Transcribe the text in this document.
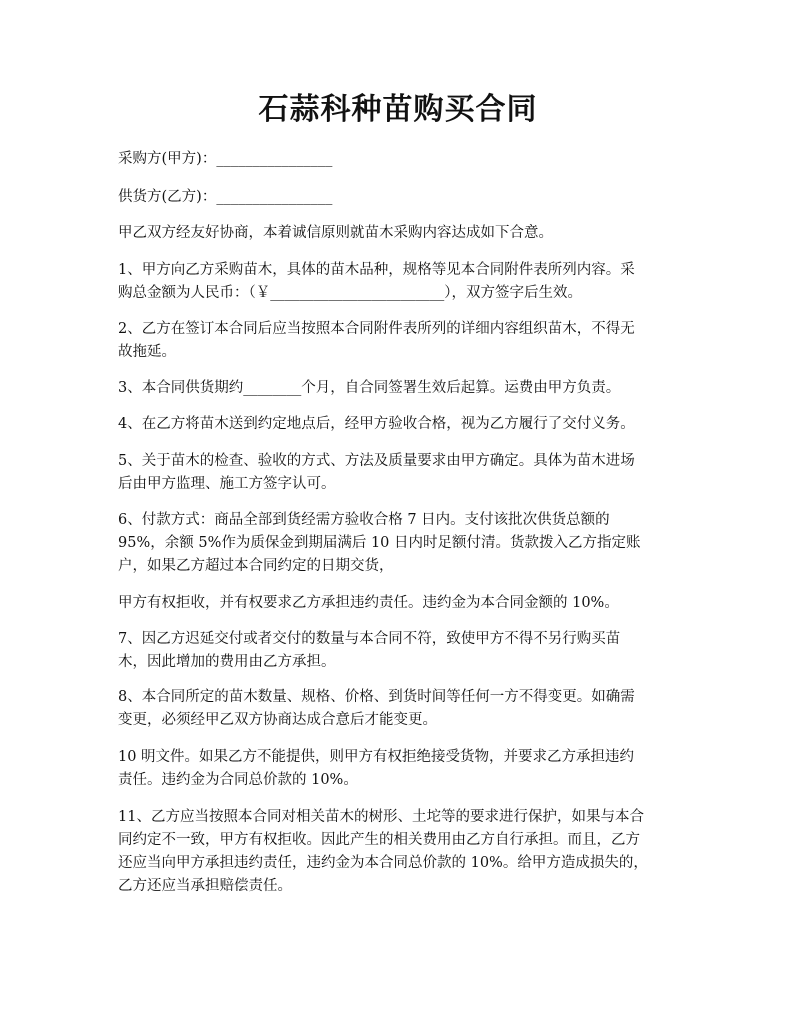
石蒜科种苗购买合同

采购方(甲方)：________________

供货方(乙方)：________________

甲乙双方经友好协商，本着诚信原则就苗木采购内容达成如下合意。

1、甲方向乙方采购苗木，具体的苗木品种，规格等见本合同附件表所列内容。采
购总金额为人民币：（￥________________________），双方签字后生效。

2、乙方在签订本合同后应当按照本合同附件表所列的详细内容组织苗木，不得无
故拖延。

3、本合同供货期约________个月，自合同签署生效后起算。运费由甲方负责。

4、在乙方将苗木送到约定地点后，经甲方验收合格，视为乙方履行了交付义务。

5、关于苗木的检查、验收的方式、方法及质量要求由甲方确定。具体为苗木进场
后由甲方监理、施工方签字认可。

6、付款方式：商品全部到货经需方验收合格 7 日内。支付该批次供货总额的
95%，余额 5%作为质保金到期届满后 10 日内时足额付清。货款拨入乙方指定账
户，如果乙方超过本合同约定的日期交货，

甲方有权拒收，并有权要求乙方承担违约责任。违约金为本合同金额的 10%。

7、因乙方迟延交付或者交付的数量与本合同不符，致使甲方不得不另行购买苗
木，因此增加的费用由乙方承担。

8、本合同所定的苗木数量、规格、价格、到货时间等任何一方不得变更。如确需
变更，必须经甲乙双方协商达成合意后才能变更。

10 明文件。如果乙方不能提供，则甲方有权拒绝接受货物，并要求乙方承担违约
责任。违约金为合同总价款的 10%。

11、乙方应当按照本合同对相关苗木的树形、土坨等的要求进行保护，如果与本合
同约定不一致，甲方有权拒收。因此产生的相关费用由乙方自行承担。而且，乙方
还应当向甲方承担违约责任，违约金为本合同总价款的 10%。给甲方造成损失的，
乙方还应当承担赔偿责任。
